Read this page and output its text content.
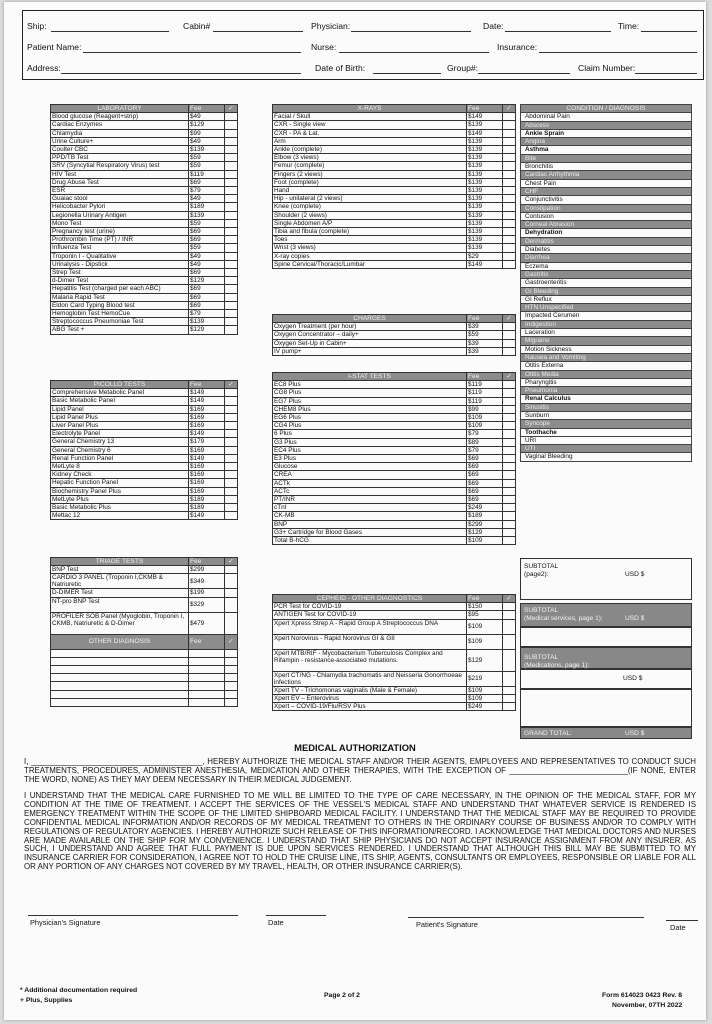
Ship:	Cabin#	Physician:	Date:	Time:
Patient Name:	Nurse:	Insurance:
Address:	Date of Birth:	Group#:	Claim Number:
LABORATORY	Fee	✓
Blood glucose (Reagent+strip)	$49	
Cardiac Enzymes	$129	
Chlamydia	$99	
Urine Culture+	$49	
Coulter CBC	$139	
PPD/TB Test	$59	
SRV (Syncytial Respiratory Virus) test	$59	
HIV Test	$119	
Drug Abuse Test	$69	
ESR	$79	
Guaiac stool	$49	
Helicobacter Pylori	$189	
Legionella Urinary Antigen	$139	
Mono Test	$59	
Pregnancy test (urine)	$69	
Prothrombin Time (PT) / INR	$69	
Influenza Test	$59	
Troponin I - Qualitative	$49	
Urinalysis - Dipstick	$49	
Strep Test	$69	
d-Dimer Test	$129	
Hepatitis Test (charged per each ABC)	$69	
Malaria Rapid Test	$69	
Eldon Card Typing Blood test	$69	
Hemoglobin Test HemoCue	$79	
Streptococcus Pneumoniae Test	$139	
ABG Test +	$129	
PICOLLO TESTS	Fee	✓
Comprehensive Metabolic Panel	$149	
Basic Metabolic Panel	$149	
Lipid Panel	$169	
Lipid Panel Plus	$169	
Liver Panel Plus	$169	
Electrolyte Panel	$149	
General Chemistry 13	$179	
General Chemistry 6	$169	
Renal Function Panel	$149	
MetLyte 8	$169	
Kidney Check	$169	
Hepatic Function Panel	$169	
Biochemistry Panel Plus	$169	
MetLyte Plus	$189	
Basic Metabolic Plus	$189	
Mettac 12	$149	
TRIAGE TESTS	Fee	✓
BNP Test	$299	
CARDIO 3 PANEL (Troponin I,CKMB & Natriuretic	$349	
D-DIMER Test	$199	
NT-pro BNP Test	$329	
PROFILER SOB Panel (Myoglobin, Troponin I, CKMB, Natriuretic & D-Dimer	$479	
OTHER DIAGNOSIS	Fee	✓

X-RAYS	Fee	✓
Facial / Skull	$149	
CXR - Single view	$139	
CXR - PA & Lat.	$149	
Arm	$139	
Ankle (complete)	$139	
Elbow (3 views)	$139	
Femur (complete)	$139	
Fingers (2 views)	$139	
Foot (complete)	$139	
Hand	$139	
Hip - unilateral (2 views)	$139	
Knee (complete)	$139	
Shoulder (2 views)	$139	
Single Abdomen A/P	$139	
Tibia and fibula (complete)	$139	
Toes	$139	
Wrist (3 views)	$139	
X-ray copies	$29	
Spine Cervical/Thoracic/Lumbar	$149	
CHARGES	Fee	✓
Oxygen Treatment (per hour)	$39	
Oxygen Concentrator – daily+	$59	
Oxygen Set-Up in Cabin+	$39	
IV pump+	$39	
I-STAT TESTS	Fee	✓
EC8 Plus	$119	
CG8 Plus	$119	
EG7 Plus	$119	
CHEM8 Plus	$99	
EG6 Plus	$109	
CG4 Plus	$109	
6 Plus	$79	
G3 Plus	$89	
EC4 Plus	$79	
E3 Plus	$69	
Glucose	$69	
CREA	$69	
ACTk	$69	
ACTc	$69	
PT/INR	$69	
cTnI	$249	
CK-MB	$189	
BNP	$299	
G3+ Cartridge for Blood Gases	$129	
Total B-hCG	$109	
CEPHEID - OTHER DIAGNOSTICS	Fee	✓
PCR Test for COVID-19	$150	
ANTIGEN Test for COVID-19	$95	
Xpert Xpress Strep A - Rapid Group A Streptococcus DNA	$109	
Xpert Norovirus - Rapid Norovirus GI & GII	$109	
Xpert MTB/RIF - Mycobacterium Tuberculosis Complex and Rifampin - resistance-associated mutations.	$129	
Xpert CT/NG - Chlamydia trachomatis and Neisseria Gonorrhoeae infections	$219	
Xpert TV - Trichomonas vaginalis (Male & Female)	$109	
Xpert EV – Enterovirus	$109	
Xpert – COVID-19/Flu/RSV Plus	$249	
CONDITION / DIAGNOSIS
Abdominal Pain
Abscess
Ankle Sprain
Angina
Asthma
Bite
Bronchitis
Cardiac Arrhythmia
Chest Pain
CHF
Conjunctivitis
Constipation
Contusion
Corneal Abrasion
Dehydration
Dermatitis
Diabetes
Diarrhea
Eczema
Gastritis
Gastroenteritis
GI Bleeding
GI Reflux
HTN Unspecified
Impacted Cerumen
Indigestion
Laceration
Migraine
Motion Sickness
Nausea and Vomiting
Otitis Externa
Otitis Media
Pharyngitis
Pneumonia
Renal Calculus
Sinusitis
Sunburn
Syncope
Toothache
URI
UTI
Vaginal Bleeding
SUBTOTAL
(page2):	USD $
SUBTOTAL
(Medical services, page 1):	USD $
SUBTOTAL
(Medications, page 1):
USD $
GRAND TOTAL:	USD $
MEDICAL AUTHORIZATION
I, _______________________________________, HEREBY AUTHORIZE THE MEDICAL STAFF AND/OR THEIR AGENTS, EMPLOYEES AND REPRESENTATIVES TO CONDUCT SUCH TREATMENTS, PROCEDURES, ADMINISTER ANESTHESIA, MEDICATION AND OTHER THERAPIES, WITH THE EXCEPTION OF ___________________________(IF NONE, ENTER THE WORD, NONE) AS THEY MAY DEEM NECESSARY IN THEIR MEDICAL JUDGEMENT.
I UNDERSTAND THAT THE MEDICAL CARE FURNISHED TO ME WILL BE LIMITED TO THE TYPE OF CARE NECESSARY, IN THE OPINION OF THE MEDICAL STAFF, FOR MY CONDITION AT THE TIME OF TREATMENT. I ACCEPT THE SERVICES OF THE VESSEL'S MEDICAL STAFF AND UNDERSTAND THAT WHATEVER SERVICE IS RENDERED IS EMERGENCY TREATMENT WITHIN THE SCOPE OF THE LIMITED SHIPBOARD MEDICAL FACILITY. I UNDERSTAND THAT THE MEDICAL STAFF MAY BE REQUIRED TO PROVIDE CONFIDENTIAL MEDICAL INFORMATION AND/OR RECORDS OF MY MEDICAL TREATMENT TO OTHERS IN THE ORDINARY COURSE OF BUSINESS AND/OR TO COMPLY WITH REGULATIONS OF REGULATORY AGENCIES. I HEREBY AUTHORIZE SUCH RELEASE OF THIS INFORMATION/RECORD. I ACKNOWLEDGE THAT MEDICAL DOCTORS AND NURSES ARE MADE AVAILABLE ON THE SHIP FOR MY CONVENIENCE. I UNDERSTAND THAT SHIP PHYSICIANS DO NOT ACCEPT INSURANCE ASSIGNMENT FROM ANY INSURER. AS SUCH, I UNDERSTAND AND AGREE THAT FULL PAYMENT IS DUE UPON SERVICES RENDERED. I UNDERSTAND THAT ALTHOUGH THIS BILL MAY BE SUBMITTED TO MY INSURANCE CARRIER FOR CONSIDERATION, I AGREE NOT TO HOLD THE CRUISE LINE, ITS SHIP, AGENTS, CONSULTANTS OR EMPLOYEES, RESPONSIBLE OR LIABLE FOR ALL OR ANY PORTION OF ANY CHARGES NOT COVERED BY MY TRAVEL, HEALTH, OR OTHER INSURANCE CARRIER(S).
Physician's Signature	Date	Patient's Signature	Date
* Additional documentation required
+ Plus, Supplies
Page 2 of 2	Form 614023 0423 Rev. 8
November, 07TH 2022
